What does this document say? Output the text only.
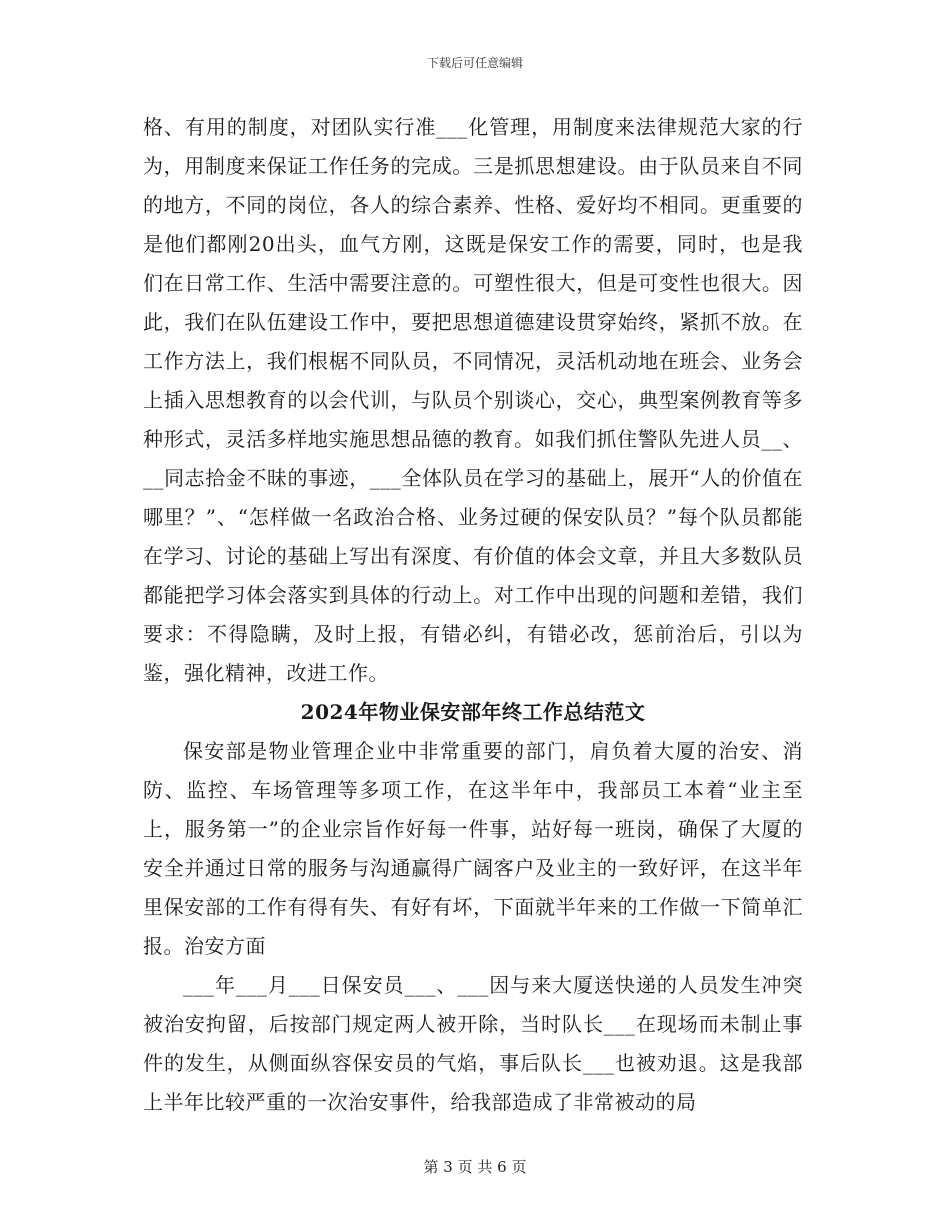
下载后可任意编辑

格、有用的制度，对团队实行准___化管理，用制度来法律规范大家的行为，用制度来保证工作任务的完成。三是抓思想建设。由于队员来自不同的地方，不同的岗位，各人的综合素养、性格、爱好均不相同。更重要的是他们都刚20出头，血气方刚，这既是保安工作的需要，同时，也是我们在日常工作、生活中需要注意的。可塑性很大，但是可变性也很大。因此，我们在队伍建设工作中，要把思想道德建设贯穿始终，紧抓不放。在工作方法上，我们根椐不同队员，不同情况，灵活机动地在班会、业务会上插入思想教育的以会代训，与队员个别谈心，交心，典型案例教育等多种形式，灵活多样地实施思想品德的教育。如我们抓住警队先进人员__、__同志拾金不昧的事迹，___全体队员在学习的基础上，展开“人的价值在哪里？”、“怎样做一名政治合格、业务过硬的保安队员？”每个队员都能在学习、讨论的基础上写出有深度、有价值的体会文章，并且大多数队员都能把学习体会落实到具体的行动上。对工作中出现的问题和差错，我们要求：不得隐瞒，及时上报，有错必纠，有错必改，惩前治后，引以为鉴，强化精神，改进工作。

2024年物业保安部年终工作总结范文

保安部是物业管理企业中非常重要的部门，肩负着大厦的治安、消防、监控、车场管理等多项工作，在这半年中，我部员工本着“业主至上，服务第一”的企业宗旨作好每一件事，站好每一班岗，确保了大厦的安全并通过日常的服务与沟通赢得广阔客户及业主的一致好评，在这半年里保安部的工作有得有失、有好有坏，下面就半年来的工作做一下简单汇报。治安方面

___年___月___日保安员___、___因与来大厦送快递的人员发生冲突被治安拘留，后按部门规定两人被开除，当时队长___在现场而未制止事件的发生，从侧面纵容保安员的气焰，事后队长___也被劝退。这是我部上半年比较严重的一次治安事件，给我部造成了非常被动的局

第 3 页 共 6 页
